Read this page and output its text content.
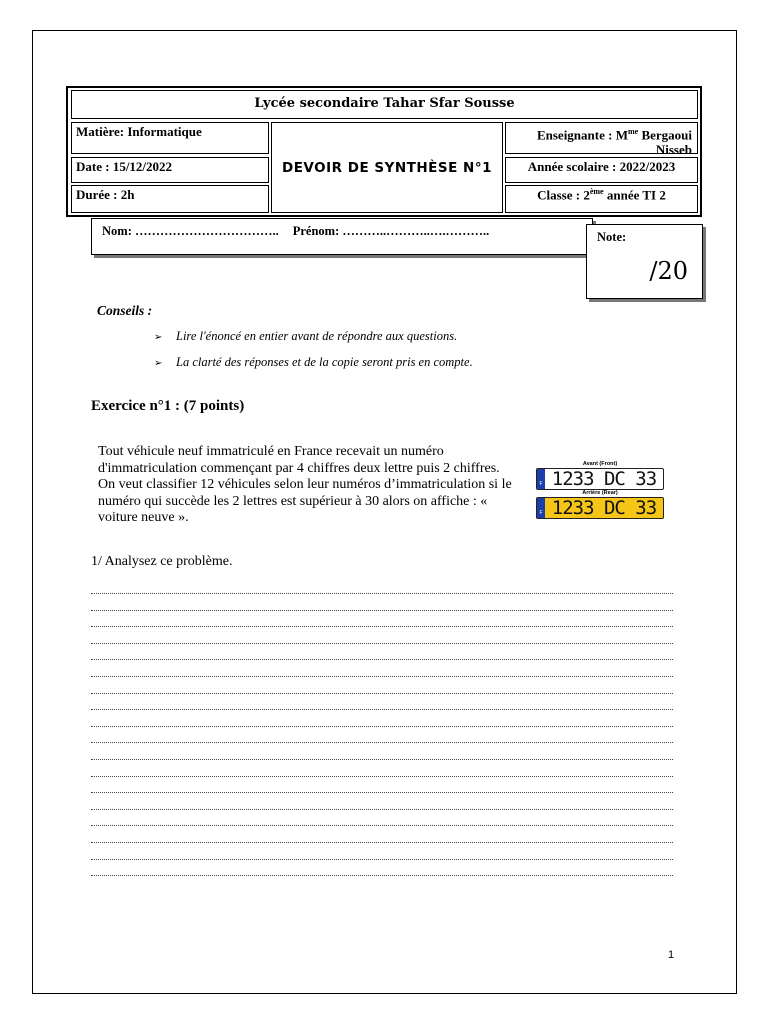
Lycée secondaire Tahar Sfar Sousse
Matière: Informatique
Date : 15/12/2022
Durée : 2h
DEVOIR DE SYNTHÈSE N°1
Enseignante : $M^{me}$ Bergaoui
Nisseb
Année scolaire : 2022/2023
Classe : 2ème année TI 2
Nom: …………………………….. Prénom: ………..………..….………..	Note:
/20
Conseils :
➢ Lire l'énoncé en entier avant de répondre aux questions.
➢ La clarté des réponses et de la copie seront pris en compte.
Exercice n°1 : (7 points)
Tout véhicule neuf immatriculé en France recevait un numéro d'immatriculation commençant par 4 chiffres deux lettre puis 2 chiffres. On veut classifier 12 véhicules selon leur numéros d’immatriculation si le numéro qui succède les 2 lettres est supérieur à 30 alors on affiche : « voiture neuve ».
Avant (Front)
F 1233 DC 33
Arrière (Rear)
F 1233 DC 33
1/ Analysez ce problème.
1
